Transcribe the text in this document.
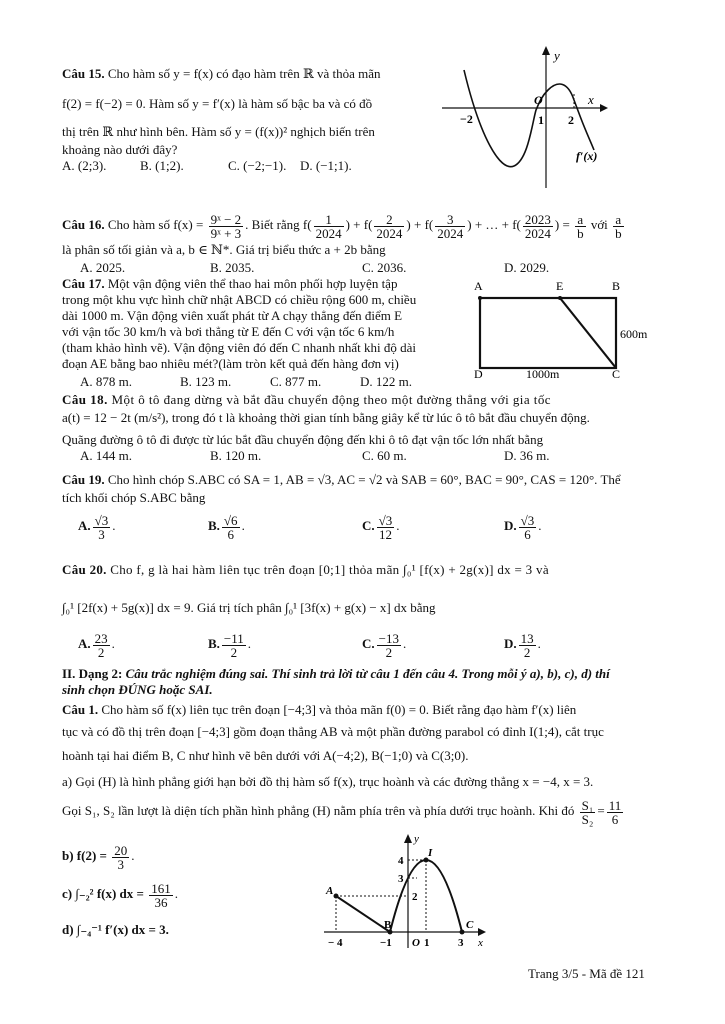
Câu 15. Cho hàm số y = f(x) có đạo hàm trên ℝ và thỏa mãn
f(2) = f(−2) = 0. Hàm số y = f′(x) là hàm số bậc ba và có đồ
thị trên ℝ như hình bên. Hàm số y = (f(x))² nghịch biến trên
khoảng nào dưới đây?
A. (2;3).	B. (1;2).	C. (−2;−1). D. (−1;1).
y
x
O
−2	1 2
f′(x)
Câu 16. Cho hàm số $f(x) = \frac{\text{9ˣ − 2}}{\text{9ˣ + 3}}$ . Biết rằng $f( \frac{1}{2024}$ ) + $f( \frac{2}{2024}$ ) + $f( \frac{3}{2024}$ ) + … + $f( \frac{2023}{2024}$ ) = $\frac{a}{b}$ với $\frac{a}{b}$
là phân số tối giản và a, b ∈ ℕ*. Giá trị biểu thức a + 2b bằng
A. 2025.	B. 2035.	C. 2036.	D. 2029.
Câu 17. Một vận động viên thể thao hai môn phối hợp luyện tập
trong một khu vực hình chữ nhật ABCD có chiều rộng 600 m, chiều
dài 1000 m. Vận động viên xuất phát từ A chạy thẳng đến điểm E
với vận tốc 30 km/h và bơi thẳng từ E đến C với vận tốc 6 km/h
(tham khảo hình vẽ). Vận động viên đó đến C nhanh nhất khi độ dài
đoạn AE bằng bao nhiêu mét?(làm tròn kết quả đến hàng đơn vị)
A. 878 m.	B. 123 m.	C. 877 m.	D. 122 m.
A	E	B
D	C
1000m
600m
Câu 18. Một ô tô đang dừng và bắt đầu chuyển động theo một đường thẳng với gia tốc
a(t) = 12 − 2t (m/s²), trong đó t là khoảng thời gian tính bằng giây kể từ lúc ô tô bắt đầu chuyển động.
Quãng đường ô tô đi được từ lúc bắt đầu chuyển động đến khi ô tô đạt vận tốc lớn nhất bằng
A. 144 m.	B. 120 m.	C. 60 m.	D. 36 m.
Câu 19. Cho hình chóp S.ABC có SA = 1, AB = √3, AC = √2 và SAB = 60°, BAC = 90°, CAS = 120°. Thể
tích khối chóp S.ABC bằng
A. $\frac{√3}{3}$ .	B. $\frac{√6}{6}$ .	C. $\frac{√3}{12}$ .	D. $\frac{√3}{6}$ .
Câu 20. Cho f, g là hai hàm liên tục trên đoạn [0;1] thỏa mãn ∫₀¹ [f(x) + 2g(x)] dx = 3 và
∫₀¹ [2f(x) + 5g(x)] dx = 9. Giá trị tích phân ∫₀¹ [3f(x) + g(x) − x] dx bằng
A. $\frac{23}{2}$ .	B. $\frac{-11}{2}$ .	C. $\frac{-13}{2}$ .	D. $\frac{13}{2}$ .
II. Dạng 2: Câu trắc nghiệm đúng sai. Thí sinh trả lời từ câu 1 đến câu 4. Trong mỗi ý a), b), c), d) thí
sinh chọn ĐÚNG hoặc SAI.
Câu 1. Cho hàm số f(x) liên tục trên đoạn [−4;3] và thỏa mãn f(0) = 0. Biết rằng đạo hàm f′(x) liên
tục và có đồ thị trên đoạn [−4;3] gồm đoạn thẳng AB và một phần đường parabol có đỉnh I(1;4), cắt trục
hoành tại hai điểm B, C như hình vẽ bên dưới với A(−4;2), B(−1;0) và C(3;0).
a) Gọi (H) là hình phẳng giới hạn bởi đồ thị hàm số f(x), trục hoành và các đường thẳng x = −4, x = 3.
Gọi S₁, S₂ lần lượt là diện tích phần hình phẳng (H) nằm phía trên và phía dưới trục hoành. Khi đó $\frac{\text{S₁}}{\text{S₂}} = \frac{11}{6}$
b) $f(2) = \frac{20}{3}$ .
c) ∫₋₂² f(x) dx = $\frac{161}{36}$ .
d) ∫₋₄⁻¹ f′(x) dx = 3.
y
x
O
A
B	C
I
4
3
2
− 4	−1	1	3
Trang 3/5 - Mã đề 121
